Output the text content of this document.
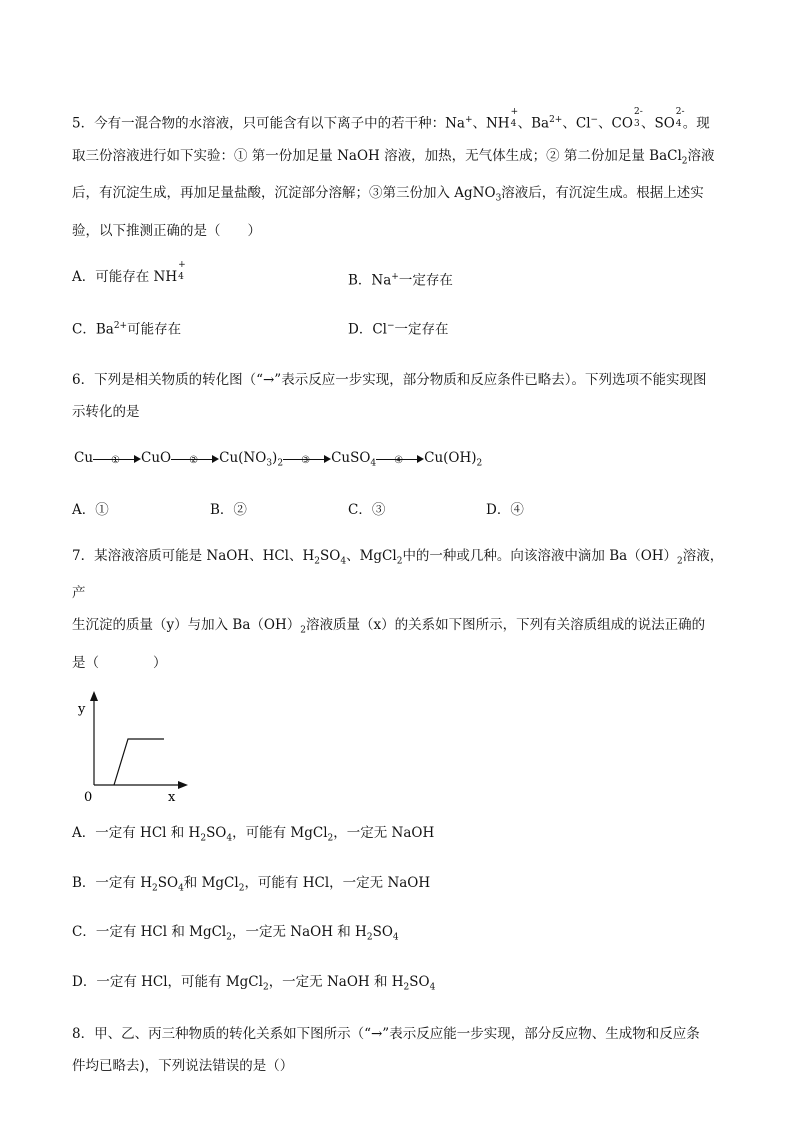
5．今有一混合物的水溶液，只可能含有以下离子中的若干种：Na+、NH
+
4 、$Ba^{2+}$、Cl−、CO
2-
3 、SO
2-
4 。现

取三份溶液进行如下实验：① 第一份加足量 NaOH 溶液，加热，无气体生成；② 第二份加足量 BaCl$_2$溶液

后，有沉淀生成，再加足量盐酸，沉淀部分溶解；③第三份加入 AgNO$_3$溶液后，有沉淀生成。根据上述实

验，以下推测正确的是（　　）

A．可能存在 NH
+
4	B．Na+一定存在
C．$Ba^{2+}$可能存在	D．Cl−一定存在

6．下列是相关物质的转化图（“→”表示反应一步实现，部分物质和反应条件已略去）。下列选项不能实现图

示转化的是

Cu ① CuO ② $Cu(NO_3)_2$ ③ CuSO$_4$ ④ $Cu(OH)_2$

A．①	B．②	C．③	D．④

7．某溶液溶质可能是 NaOH、HCl、$H_2SO_4$、MgCl$_2$中的一种或几种。向该溶液中滴加 $Ba(OH)_2$溶液，产

生沉淀的质量（y）与加入 $Ba(OH)_2$溶液质量（x）的关系如下图所示，下列有关溶质组成的说法正确的

是（　　　　）

y
x
0

A．一定有 HCl 和 $H_2SO_4$，可能有 MgCl$_2$，一定无 NaOH

B．一定有 $H_2SO_4$和 MgCl$_2$，可能有 HCl，一定无 NaOH

C．一定有 HCl 和 MgCl$_2$，一定无 NaOH 和 $H_2SO_4$

D．一定有 HCl，可能有 MgCl$_2$，一定无 NaOH 和 $H_2SO_4$

8．甲、乙、丙三种物质的转化关系如下图所示（“→”表示反应能一步实现，部分反应物、生成物和反应条

件均已略去)，下列说法错误的是（）
